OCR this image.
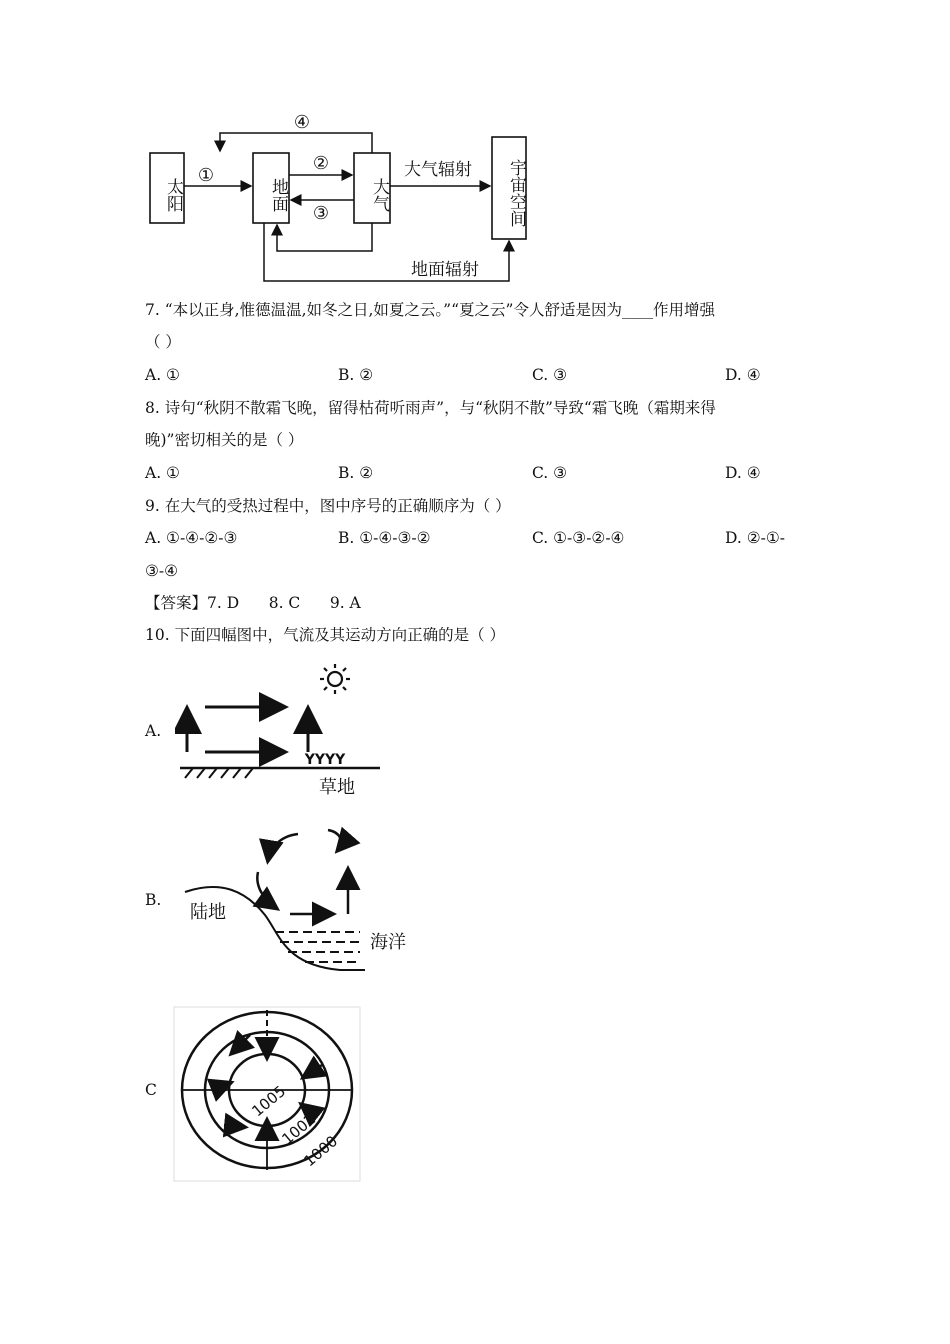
①
②
③
④
大气辐射
地面辐射
太阳	地面	大气	宇宙空间
7. “本以正身,惟德温温,如冬之日,如夏之云。”“夏之云”令人舒适是因为____作用增强
（ ）
A. ①	B. ②	C. ③	D. ④
8. 诗句“秋阴不散霜飞晚，留得枯荷听雨声”，与“秋阴不散”导致“霜飞晚（霜期来得
晚)”密切相关的是（ ）
A. ①	B. ②	C. ③	D. ④
9. 在大气的受热过程中，图中序号的正确顺序为（ ）
A. ①-④-②-③	B. ①-④-③-②	C. ①-③-②-④	D. ②-①-
③-④
【答案】7. D      8. C      9. A
10. 下面四幅图中，气流及其运动方向正确的是（ ）
A.
YYYY
草地
B.
陆地
海洋
C	1005
1002
1000
